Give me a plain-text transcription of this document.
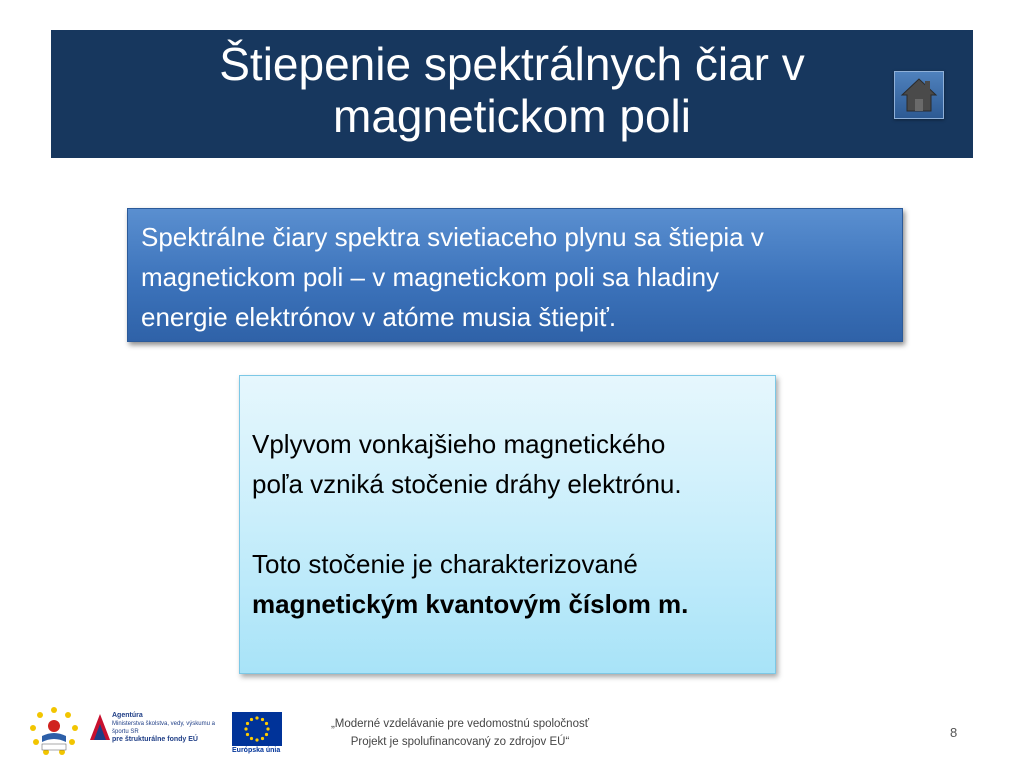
Štiepenie spektrálnych čiar v
magnetickom poli
Spektrálne čiary spektra svietiaceho plynu sa štiepia v
magnetickom poli – v magnetickom poli sa hladiny
energie elektrónov v atóme musia štiepiť.

Vplyvom vonkajšieho magnetického
poľa vzniká stočenie dráhy elektrónu.

Toto stočenie je charakterizované
magnetickým kvantovým číslom m.

Agentúra
Ministerstva školstva, vedy, výskumu a športu SR
pre štrukturálne fondy EÚ
Európska únia
„Moderné vzdelávanie pre vedomostnú spoločnosť
Projekt je spolufinancovaný zo zdrojov EÚ“
8
